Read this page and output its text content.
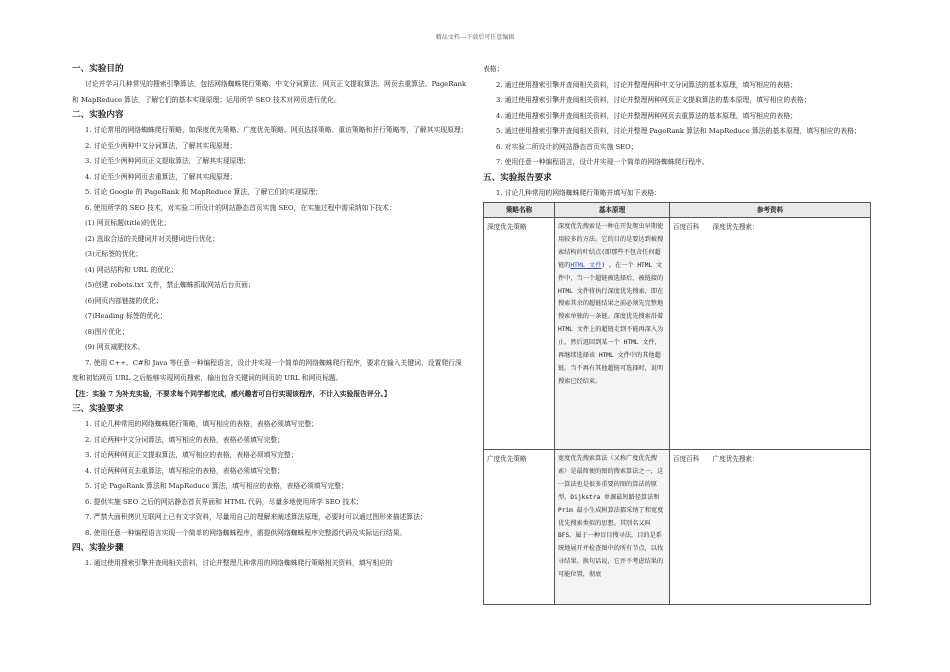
精品文档---下载后可任意编辑
一、实验目的

讨论并学习几种常见的搜索引擎算法，包括网络蜘蛛爬行策略、中文分词算法、网页正文提取算法、网页去重算法、PageRank 和 MapReduce 算法，了解它们的基本实现原理；运用所学 SEO 技术对网页进行优化。

二、实验内容

1. 讨论常用的网络蜘蛛爬行策略，如深度优先策略、广度优先策略、网页选择策略、重访策略和并行策略等，了解其实现原理；

2. 讨论至少两种中文分词算法，了解其实现原理；

3. 讨论至少两种网页正文提取算法，了解其实现原理；

4. 讨论至少两种网页去重算法，了解其实现原理；

5. 讨论 Google 的 PageRank 和 MapReduce 算法，了解它们的实现原理；

6. 使用所学的 SEO 技术，对实验二所设计的网站静态首页实施 SEO，在实施过程中需采纳如下技术：

(1) 网页标题(title)的优化；

(2) 选取合适的关键词并对关键词进行优化；

(3)元标签的优化；

(4) 网站结构和 URL 的优化；

(5)创建 robots.txt 文件，禁止蜘蛛抓取网站后台页面；

(6)网页内部链接的优化；

(7)Heading 标签的优化；

(8)图片优化；

(9) 网页减肥技术。

7. 使用 C++、C#和 Java 等任意一种编程语言，设计并实现一个简单的网络蜘蛛爬行程序，要求在输入关键词、设置爬行深度和初始网页 URL 之后能够实现网页搜索，输出包含关键词的网页的 URL 和网页标题。

【注：实验 7 为补充实验，不要求每个同学都完成，感兴趣者可自行实现该程序，不计入实验报告评分。】

三、实验要求

1. 讨论几种常用的网络蜘蛛爬行策略，填写相应的表格，表格必须填写完整；

2. 讨论两种中文分词算法，填写相应的表格，表格必须填写完整；

3. 讨论两种网页正文提取算法，填写相应的表格，表格必须填写完整；

4. 讨论两种网页去重算法，填写相应的表格，表格必须填写完整；

5. 讨论 PageRank 算法和 MapReduce 算法，填写相应的表格，表格必须填写完整；

6. 提供实施 SEO 之后的网站静态首页界面和 HTML 代码，尽量多地使用所学 SEO 技术；

7. 严禁大面积拷贝互联网上已有文字资料，尽量用自己的理解来阐述算法原理，必要时可以通过图形来描述算法；

8. 使用任意一种编程语言实现一个简单的网络蜘蛛程序，需提供网络蜘蛛程序完整源代码及实际运行结果。

四、实验步骤

1. 通过使用搜索引擎并查阅相关资料，讨论并整理几种常用的网络蜘蛛爬行策略相关资料，填写相应的

表格；

2. 通过使用搜索引擎并查阅相关资料，讨论并整理两种中文分词算法的基本原理，填写相应的表格；

3. 通过使用搜索引擎并查阅相关资料，讨论并整理两种网页正文提取算法的基本原理，填写相应的表格；

4. 通过使用搜索引擎并查阅相关资料，讨论并整理两种网页去重算法的基本原理，填写相应的表格；

5. 通过使用搜索引擎并查阅相关资料，讨论并整理 PageRank 算法和 MapReduce 算法的基本原理，填写相应的表格；

6. 对实验二所设计的网站静态首页实施 SEO；

7. 使用任意一种编程语言，设计并实现一个简单的网络蜘蛛爬行程序。

五、实验报告要求

1. 讨论几种常用的网络蜘蛛爬行策略并填写如下表格：

策略名称	基本原理	参考资料
深度优先策略	深度优先搜索是一种在开发爬虫早期使用较多的方法。它的目的是要达到被搜索结构的叶结点(即那些不包含任何超链的HTML 文件) 。在一个 HTML 文件中，当一个超链被选择后，被链接的 HTML 文件将执行深度优先搜索，即在搜索其余的超链结果之前必须先完整地搜索单独的一条链。深度优先搜索沿着 HTML 文件上的超链走到不能再深入为止，然后返回到某一个 HTML 文件，再继续选择该 HTML 文件中的其他超链。当不再有其他超链可选择时，说明搜索已经结束。	百度百科　　深度优先搜索：
广度优先策略	宽度优先搜索算法（又称广度优先搜索）是最简便的图的搜索算法之一，这一算法也是很多重要的图的算法的原型。Dijkstra 单源最短路径算法和 Prim 最小生成树算法都采纳了和宽度优先搜索类似的思想。其别名又叫 BFS，属于一种盲目搜寻法，目的是系统地展开并检查图中的所有节点，以找寻结果。换句话说，它并不考虑结果的可能位置，彻底	百度百科　　广度优先搜索：
